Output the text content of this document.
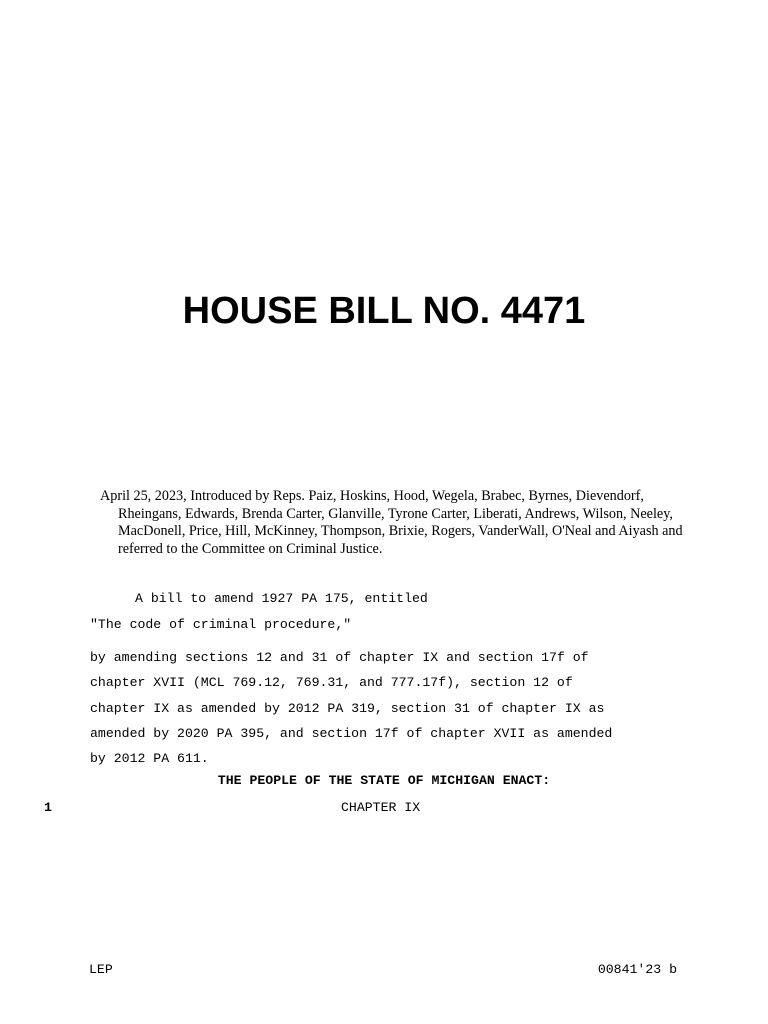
HOUSE BILL NO. 4471

April 25, 2023, Introduced by Reps. Paiz, Hoskins, Hood, Wegela, Brabec, Byrnes, Dievendorf, Rheingans, Edwards, Brenda Carter, Glanville, Tyrone Carter, Liberati, Andrews, Wilson, Neeley, MacDonell, Price, Hill, McKinney, Thompson, Brixie, Rogers, VanderWall, O'Neal and Aiyash and referred to the Committee on Criminal Justice.

A bill to amend 1927 PA 175, entitled
"The code of criminal procedure,"
by amending sections 12 and 31 of chapter IX and section 17f of
chapter XVII (MCL 769.12, 769.31, and 777.17f), section 12 of
chapter IX as amended by 2012 PA 319, section 31 of chapter IX as
amended by 2020 PA 395, and section 17f of chapter XVII as amended
by 2012 PA 611.
THE PEOPLE OF THE STATE OF MICHIGAN ENACT:
1	CHAPTER IX
LEP	00841'23 b
